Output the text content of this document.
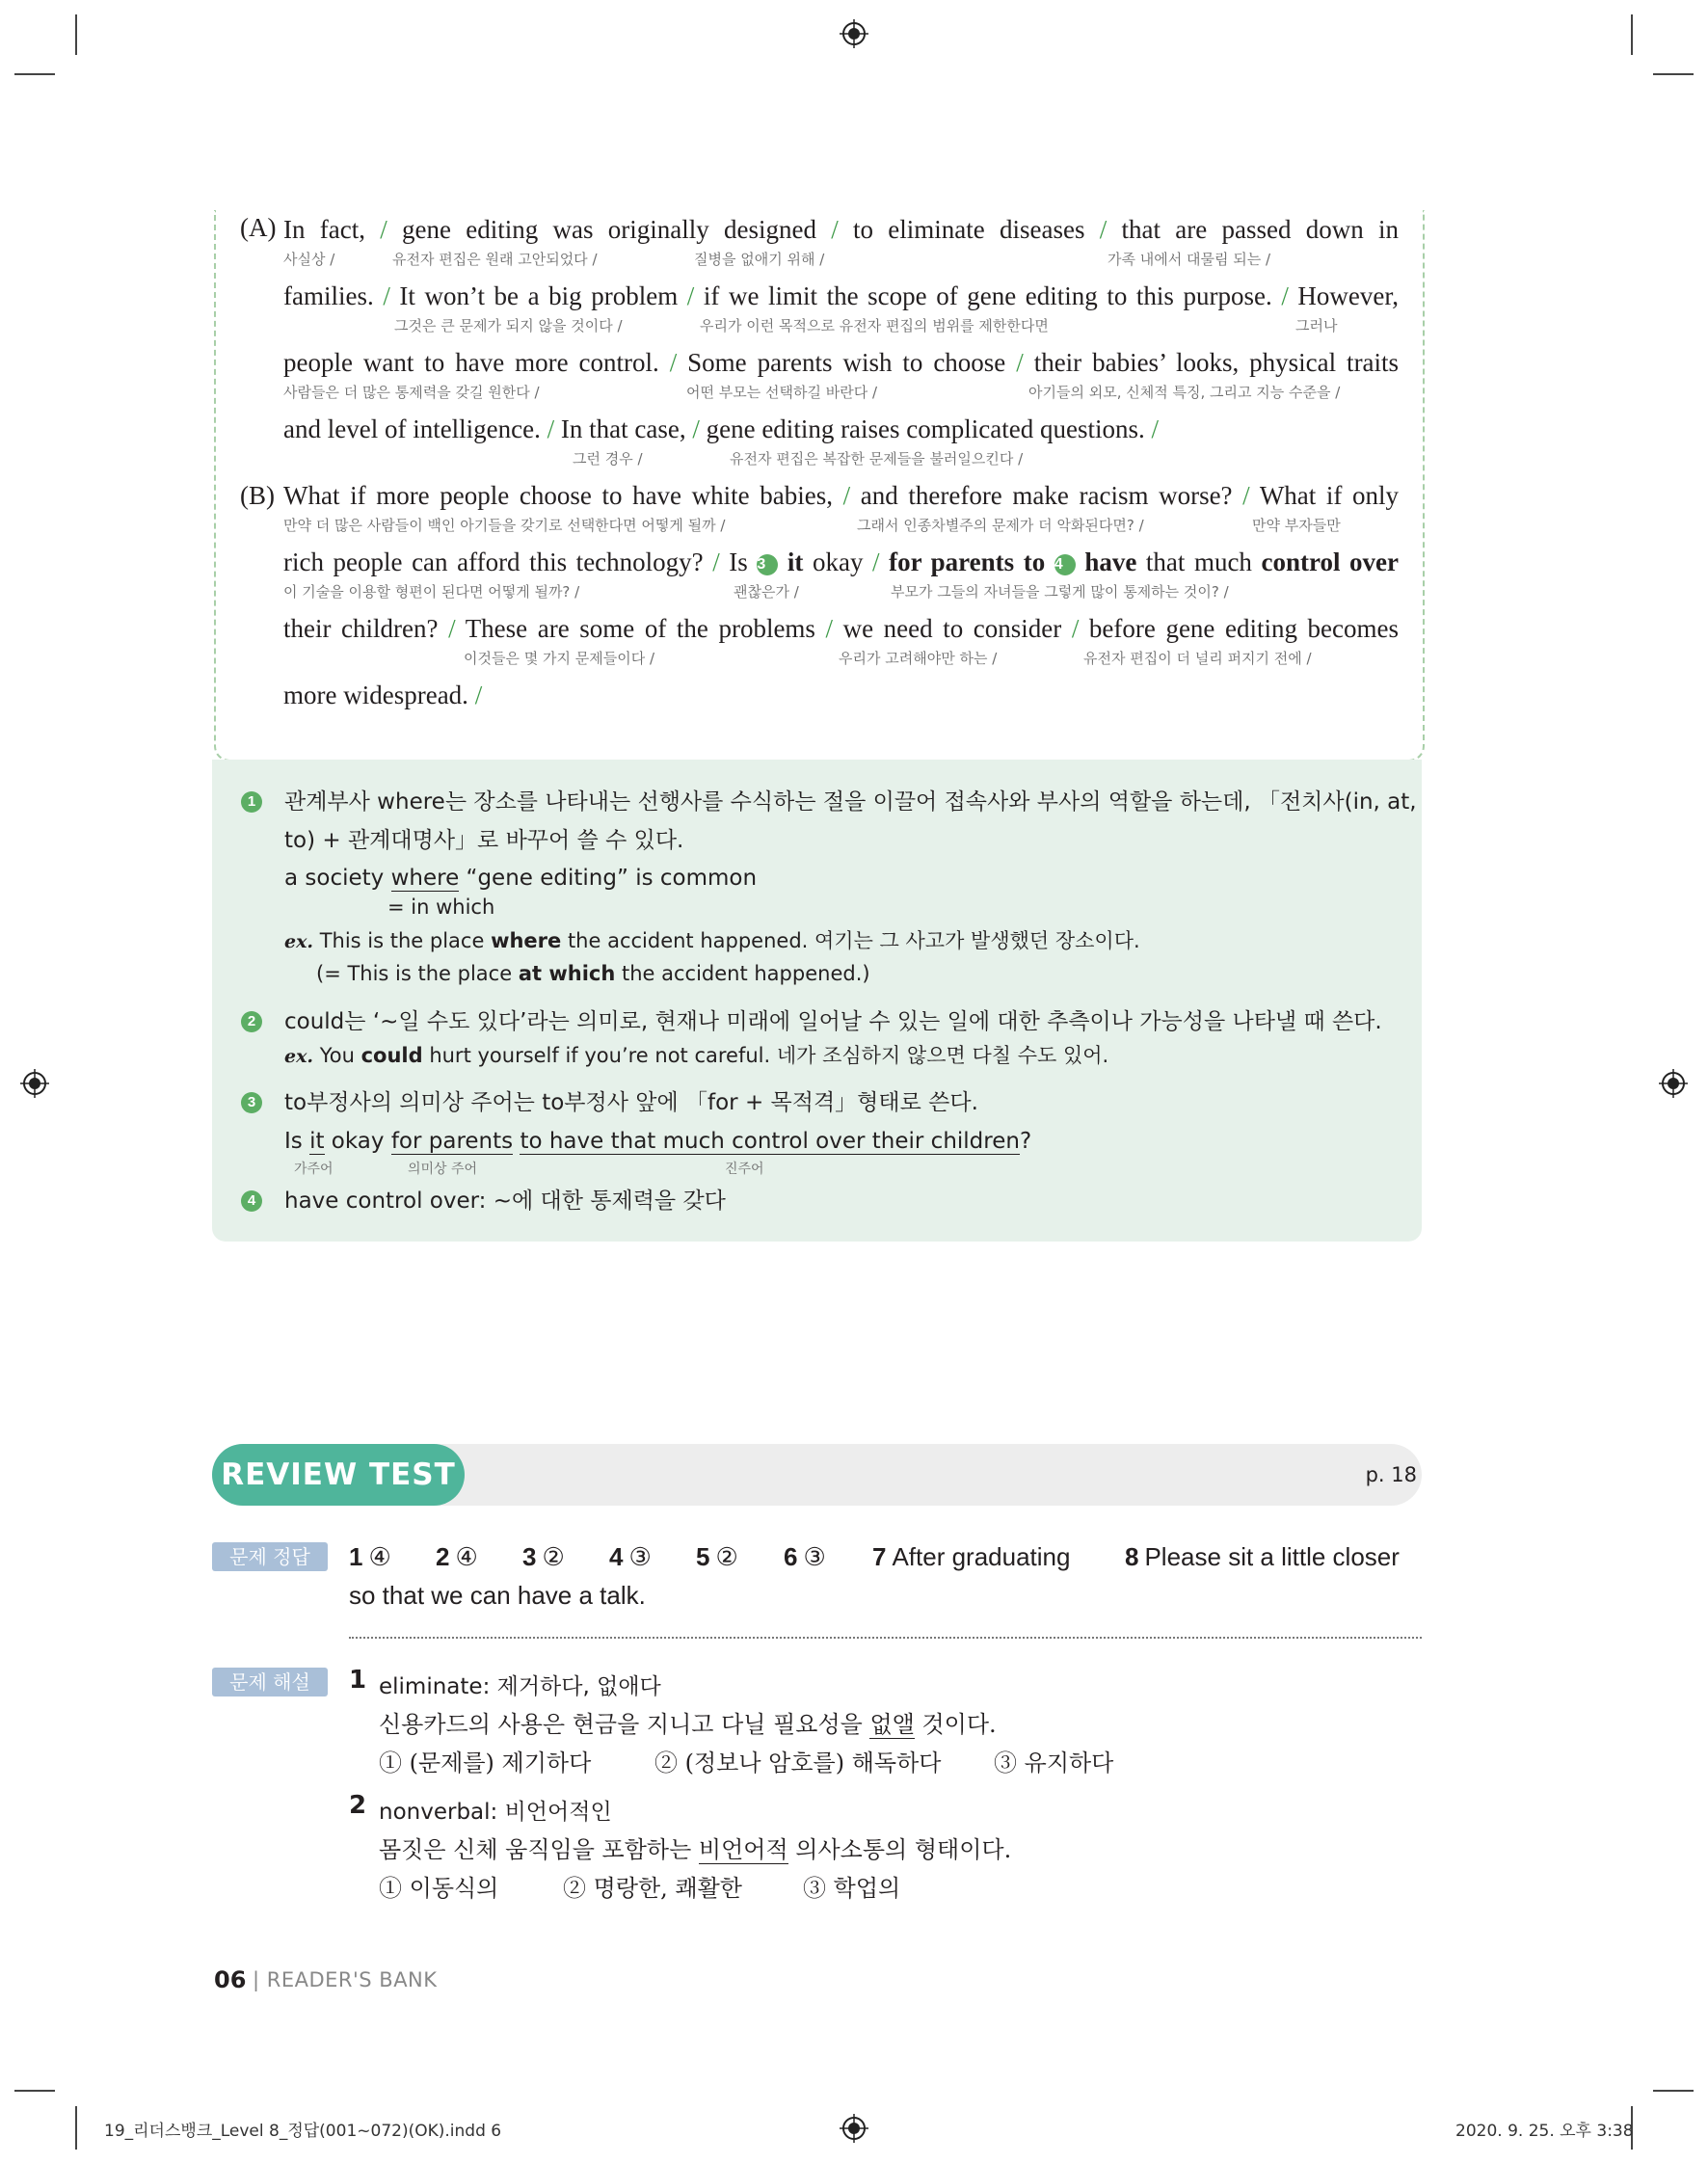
(A) In fact, / gene editing was originally designed / to eliminate diseases / that are passed down in
사실상 /	유전자 편집은 원래 고안되었다 /	질병을 없애기 위해 /	가족 내에서 대물림 되는 /
families. / It won’t be a big problem / if we limit the scope of gene editing to this purpose. / However,
그것은 큰 문제가 되지 않을 것이다 /	우리가 이런 목적으로 유전자 편집의 범위를 제한한다면	그러나
people want to have more control. / Some parents wish to choose / their babies’ looks, physical traits
사람들은 더 많은 통제력을 갖길 원한다 /	어떤 부모는 선택하길 바란다 /	아기들의 외모, 신체적 특징, 그리고 지능 수준을 /
and level of intelligence. / In that case, / gene editing raises complicated questions. /
그런 경우 /	유전자 편집은 복잡한 문제들을 불러일으킨다 /
(B) What if more people choose to have white babies, / and therefore make racism worse? / What if only
만약 더 많은 사람들이 백인 아기들을 갖기로 선택한다면 어떻게 될까 /	그래서 인종차별주의 문제가 더 악화된다면? /	만약 부자들만
rich people can afford this technology? / Is 3 it okay / for parents to 4 have that much control over
이 기술을 이용할 형편이 된다면 어떻게 될까? /	괜찮은가 /	부모가 그들의 자녀들을 그렇게 많이 통제하는 것이? /
their children? / These are some of the problems / we need to consider / before gene editing becomes
이것들은 몇 가지 문제들이다 /	우리가 고려해야만 하는 /	유전자 편집이 더 널리 퍼지기 전에 /
more widespread. /
1 관계부사 where는 장소를 나타내는 선행사를 수식하는 절을 이끌어 접속사와 부사의 역할을 하는데, 「전치사(in, at,
to) + 관계대명사」로 바꾸어 쓸 수 있다.
a society where “gene editing” is common
= in which
ex. This is the place where the accident happened. 여기는 그 사고가 발생했던 장소이다.
(= This is the place at which the accident happened.)
2 could는 ‘~일 수도 있다’라는 의미로, 현재나 미래에 일어날 수 있는 일에 대한 추측이나 가능성을 나타낼 때 쓴다.
ex. You could hurt yourself if you’re not careful. 네가 조심하지 않으면 다칠 수도 있어.
3 to부정사의 의미상 주어는 to부정사 앞에 「for + 목적격」형태로 쓴다.
Is it okay for parents to have that much control over their children?
가주어	의미상 주어	진주어
4 have control over: ~에 대한 통제력을 갖다
REVIEW TEST	p. 18
문제 정답	1 ④ 2 ④ 3 ② 4 ③ 5 ② 6 ③ 7 After graduating 8 Please sit a little closer
so that we can have a talk.
문제 해설	1 eliminate: 제거하다, 없애다
신용카드의 사용은 현금을 지니고 다닐 필요성을 없앨 것이다.
① (문제를) 제기하다	② (정보나 암호를) 해독하다 ③ 유지하다
2 nonverbal: 비언어적인
몸짓은 신체 움직임을 포함하는 비언어적 의사소통의 형태이다.
① 이동식의	② 명랑한, 쾌활한	③ 학업의
06 | READER'S BANK
19_리더스뱅크_Level 8_정답(001~072)(OK).indd 6	2020. 9. 25. 오후 3:38
